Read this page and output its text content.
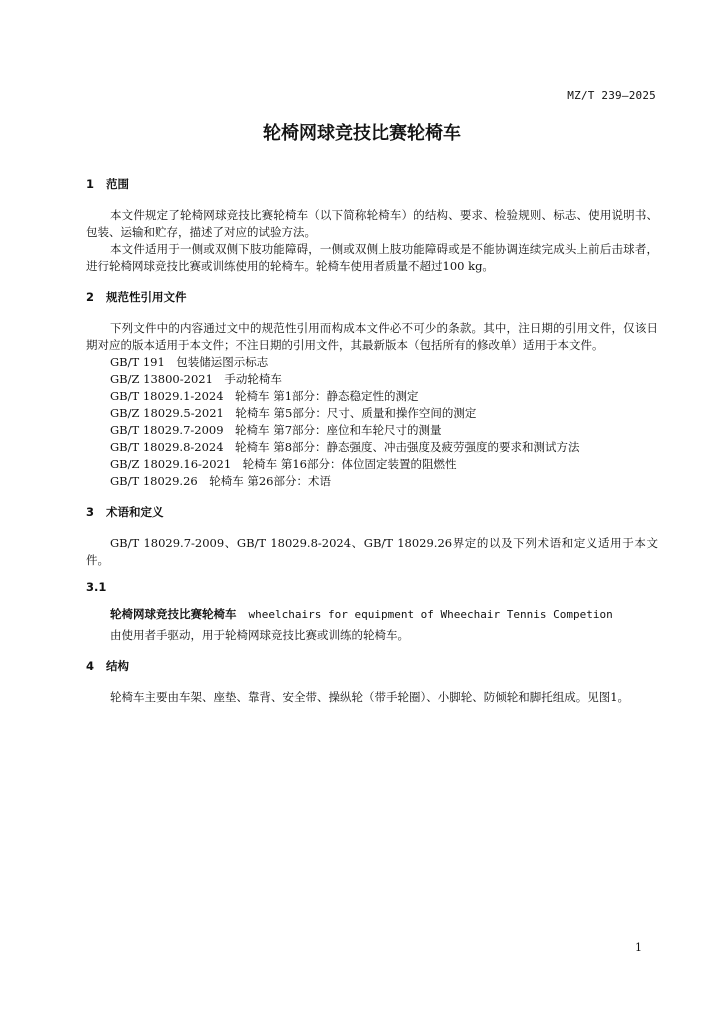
MZ/T 239—2025
轮椅网球竞技比赛轮椅车
1 范围

本文件规定了轮椅网球竞技比赛轮椅车（以下简称轮椅车）的结构、要求、检验规则、标志、使用说明书、包装、运输和贮存，描述了对应的试验方法。

本文件适用于一侧或双侧下肢功能障碍，一侧或双侧上肢功能障碍或是不能协调连续完成头上前后击球者，进行轮椅网球竞技比赛或训练使用的轮椅车。轮椅车使用者质量不超过100 kg。

2 规范性引用文件

下列文件中的内容通过文中的规范性引用而构成本文件必不可少的条款。其中，注日期的引用文件，仅该日期对应的版本适用于本文件；不注日期的引用文件，其最新版本（包括所有的修改单）适用于本文件。

GB/T 191　包装储运图示标志

GB/Z 13800-2021　手动轮椅车

GB/T 18029.1-2024　轮椅车 第1部分：静态稳定性的测定

GB/Z 18029.5-2021　轮椅车 第5部分：尺寸、质量和操作空间的测定

GB/T 18029.7-2009　轮椅车 第7部分：座位和车轮尺寸的测量

GB/T 18029.8-2024　轮椅车 第8部分：静态强度、冲击强度及疲劳强度的要求和测试方法

GB/Z 18029.16-2021　轮椅车 第16部分：体位固定装置的阻燃性

GB/T 18029.26　轮椅车 第26部分：术语

3 术语和定义

GB/T 18029.7-2009、GB/T 18029.8-2024、GB/T 18029.26界定的以及下列术语和定义适用于本文件。

3.1

轮椅网球竞技比赛轮椅车 wheelchairs for equipment of Wheechair Tennis Competion

由使用者手驱动，用于轮椅网球竞技比赛或训练的轮椅车。

4 结构

轮椅车主要由车架、座垫、靠背、安全带、操纵轮（带手轮圈）、小脚轮、防倾轮和脚托组成。见图1。

1
